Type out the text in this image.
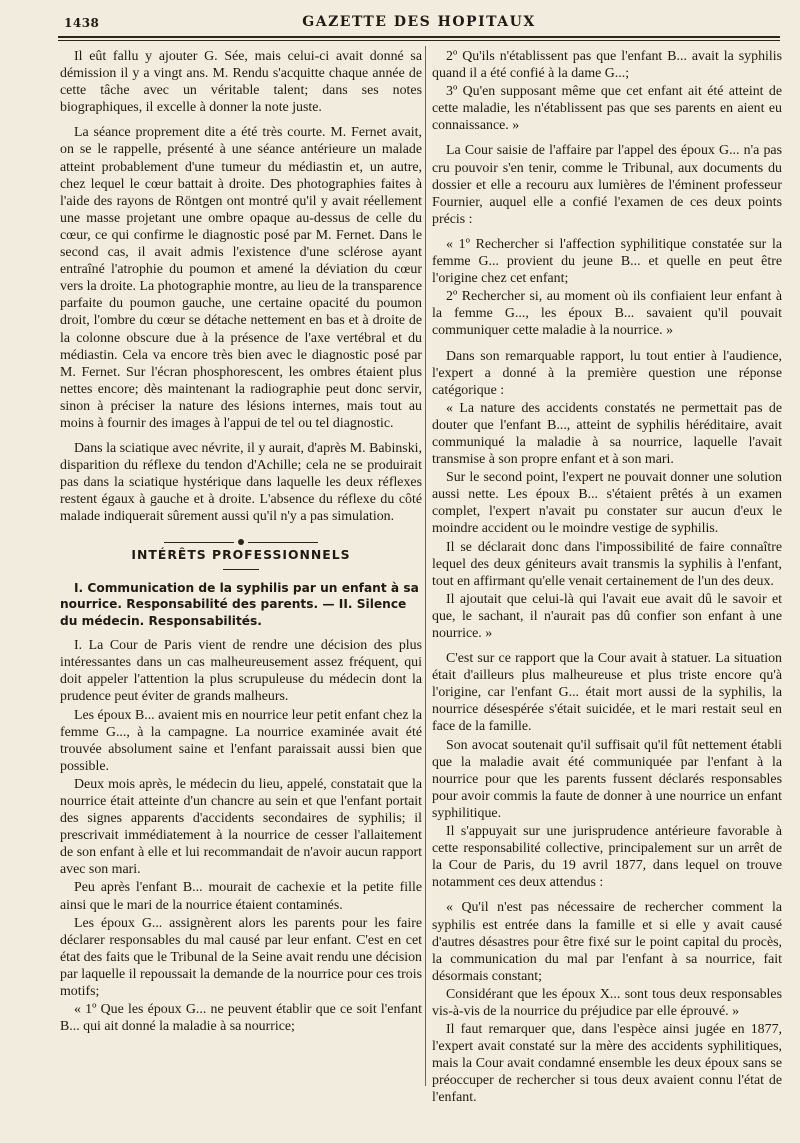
1438	GAZETTE DES HOPITAUX

Il eût fallu y ajouter G. Sée, mais celui-ci avait donné sa démission il y a vingt ans. M. Rendu s'acquitte chaque année de cette tâche avec un véritable talent; dans ses notes biographiques, il excelle à donner la note juste.

La séance proprement dite a été très courte. M. Fernet avait, on se le rappelle, présenté à une séance antérieure un malade atteint probablement d'une tumeur du médiastin et, un autre, chez lequel le cœur battait à droite. Des photographies faites à l'aide des rayons de Röntgen ont montré qu'il y avait réellement une masse projetant une ombre opaque au-dessus de celle du cœur, ce qui confirme le diagnostic posé par M. Fernet. Dans le second cas, il avait admis l'existence d'une sclérose ayant entraîné l'atrophie du poumon et amené la déviation du cœur vers la droite. La photographie montre, au lieu de la transparence parfaite du poumon gauche, une certaine opacité du poumon droit, l'ombre du cœur se détache nettement en bas et à droite de la colonne obscure due à la présence de l'axe vertébral et du médiastin. Cela va encore très bien avec le diagnostic posé par M. Fernet. Sur l'écran phosphorescent, les ombres étaient plus nettes encore; dès maintenant la radiographie peut donc servir, sinon à préciser la nature des lésions internes, mais tout au moins à fournir des images à l'appui de tel ou tel diagnostic.

Dans la sciatique avec névrite, il y aurait, d'après M. Babinski, disparition du réflexe du tendon d'Achille; cela ne se produirait pas dans la sciatique hystérique dans laquelle les deux réflexes restent égaux à gauche et à droite. L'absence du réflexe du côté malade indiquerait sûrement aussi qu'il n'y a pas simulation.

INTÉRÊTS PROFESSIONNELS

I. Communication de la syphilis par un enfant à sa nourrice. Responsabilité des parents. — II. Silence du médecin. Responsabilités.

I. La Cour de Paris vient de rendre une décision des plus intéressantes dans un cas malheureusement assez fréquent, qui doit appeler l'attention la plus scrupuleuse du médecin dont la prudence peut éviter de grands malheurs.

Les époux B... avaient mis en nourrice leur petit enfant chez la femme G..., à la campagne. La nourrice examinée avait été trouvée absolument saine et l'enfant paraissait aussi bien que possible.

Deux mois après, le médecin du lieu, appelé, constatait que la nourrice était atteinte d'un chancre au sein et que l'enfant portait des signes apparents d'accidents secondaires de syphilis; il prescrivait immédiatement à la nourrice de cesser l'allaitement de son enfant à elle et lui recommandait de n'avoir aucun rapport avec son mari.

Peu après l'enfant B... mourait de cachexie et la petite fille ainsi que le mari de la nourrice étaient contaminés.

Les époux G... assignèrent alors les parents pour les faire déclarer responsables du mal causé par leur enfant. C'est en cet état des faits que le Tribunal de la Seine avait rendu une décision par laquelle il repoussait la demande de la nourrice pour ces trois motifs;

« 1º Que les époux G... ne peuvent établir que ce soit l'enfant B... qui ait donné la maladie à sa nourrice;

2º Qu'ils n'établissent pas que l'enfant B... avait la syphilis quand il a été confié à la dame G...;

3º Qu'en supposant même que cet enfant ait été atteint de cette maladie, les n'établissent pas que ses parents en aient eu connaissance. »

La Cour saisie de l'affaire par l'appel des époux G... n'a pas cru pouvoir s'en tenir, comme le Tribunal, aux documents du dossier et elle a recouru aux lumières de l'éminent professeur Fournier, auquel elle a confié l'examen de ces deux points précis :

« 1º Rechercher si l'affection syphilitique constatée sur la femme G... provient du jeune B... et quelle en peut être l'origine chez cet enfant;

2º Rechercher si, au moment où ils confiaient leur enfant à la femme G..., les époux B... savaient qu'il pouvait communiquer cette maladie à la nourrice. »

Dans son remarquable rapport, lu tout entier à l'audience, l'expert a donné à la première question une réponse catégorique :

« La nature des accidents constatés ne permettait pas de douter que l'enfant B..., atteint de syphilis héréditaire, avait communiqué la maladie à sa nourrice, laquelle l'avait transmise à son propre enfant et à son mari.

Sur le second point, l'expert ne pouvait donner une solution aussi nette. Les époux B... s'étaient prêtés à un examen complet, l'expert n'avait pu constater sur aucun d'eux le moindre accident ou le moindre vestige de syphilis.

Il se déclarait donc dans l'impossibilité de faire connaître lequel des deux géniteurs avait transmis la syphilis à l'enfant, tout en affirmant qu'elle venait certainement de l'un des deux.

Il ajoutait que celui-là qui l'avait eue avait dû le savoir et que, le sachant, il n'aurait pas dû confier son enfant à une nourrice. »

C'est sur ce rapport que la Cour avait à statuer. La situation était d'ailleurs plus malheureuse et plus triste encore qu'à l'origine, car l'enfant G... était mort aussi de la syphilis, la nourrice désespérée s'était suicidée, et le mari restait seul en face de la famille.

Son avocat soutenait qu'il suffisait qu'il fût nettement établi que la maladie avait été communiquée par l'enfant à la nourrice pour que les parents fussent déclarés responsables pour avoir commis la faute de donner à une nourrice un enfant syphilitique.

Il s'appuyait sur une jurisprudence antérieure favorable à cette responsabilité collective, principalement sur un arrêt de la Cour de Paris, du 19 avril 1877, dans lequel on trouve notamment ces deux attendus :

« Qu'il n'est pas nécessaire de rechercher comment la syphilis est entrée dans la famille et si elle y avait causé d'autres désastres pour être fixé sur le point capital du procès, la communication du mal par l'enfant à sa nourrice, fait désormais constant;

Considérant que les époux X... sont tous deux responsables vis-à-vis de la nourrice du préjudice par elle éprouvé. »

Il faut remarquer que, dans l'espèce ainsi jugée en 1877, l'expert avait constaté sur la mère des accidents syphilitiques, mais la Cour avait condamné ensemble les deux époux sans se préoccuper de rechercher si tous deux avaient connu l'état de l'enfant.
